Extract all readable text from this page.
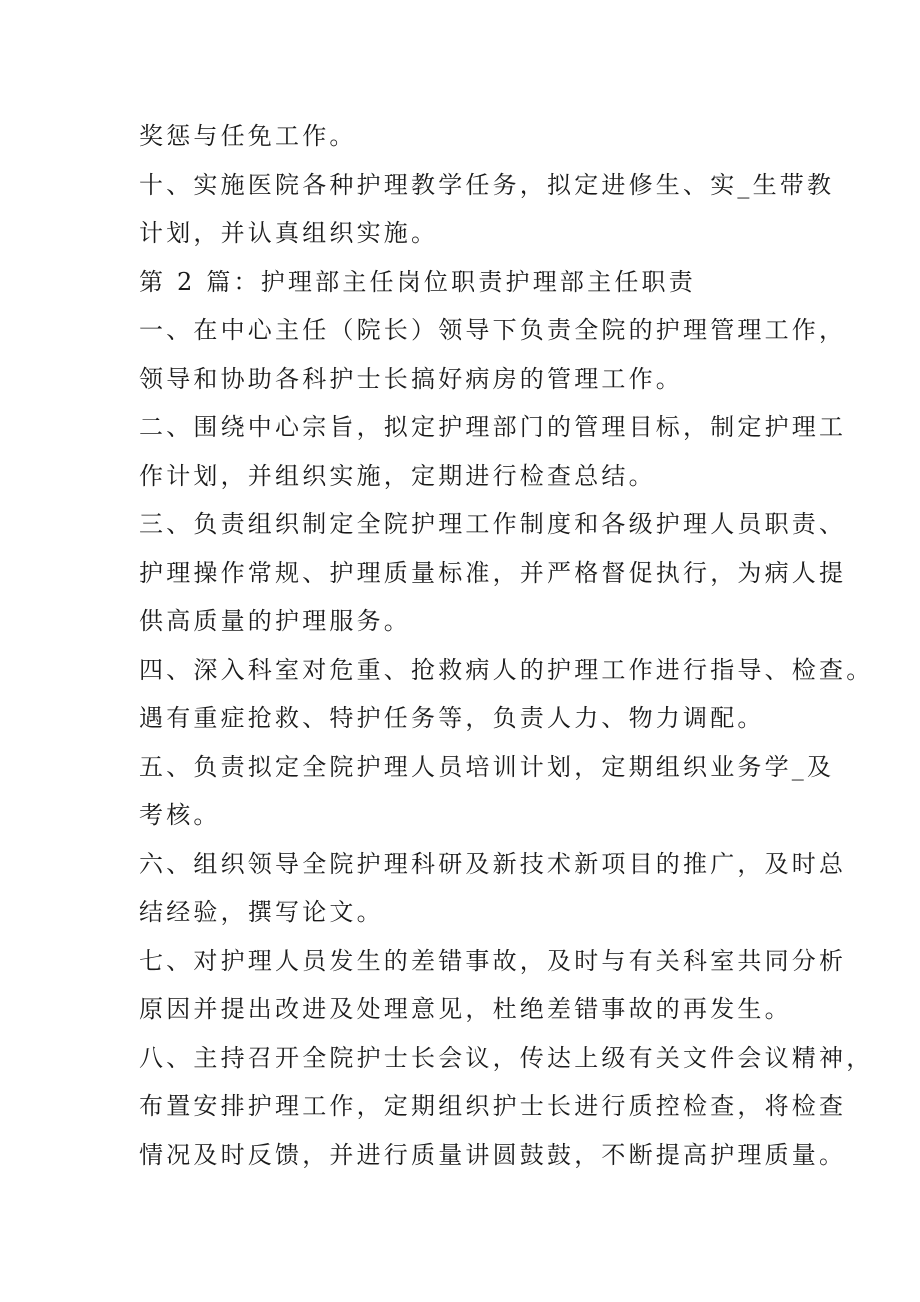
奖惩与任免工作。
十、实施医院各种护理教学任务，拟定进修生、实_生带教
计划，并认真组织实施。
第 2 篇：护理部主任岗位职责护理部主任职责
一、在中心主任（院长）领导下负责全院的护理管理工作，
领导和协助各科护士长搞好病房的管理工作。
二、围绕中心宗旨，拟定护理部门的管理目标，制定护理工
作计划，并组织实施，定期进行检查总结。
三、负责组织制定全院护理工作制度和各级护理人员职责、
护理操作常规、护理质量标准，并严格督促执行，为病人提
供高质量的护理服务。
四、深入科室对危重、抢救病人的护理工作进行指导、检查。
遇有重症抢救、特护任务等，负责人力、物力调配。
五、负责拟定全院护理人员培训计划，定期组织业务学_及
考核。
六、组织领导全院护理科研及新技术新项目的推广，及时总
结经验，撰写论文。
七、对护理人员发生的差错事故，及时与有关科室共同分析
原因并提出改进及处理意见，杜绝差错事故的再发生。
八、主持召开全院护士长会议，传达上级有关文件会议精神，
布置安排护理工作，定期组织护士长进行质控检查，将检查
情况及时反馈，并进行质量讲圆鼓鼓，不断提高护理质量。
